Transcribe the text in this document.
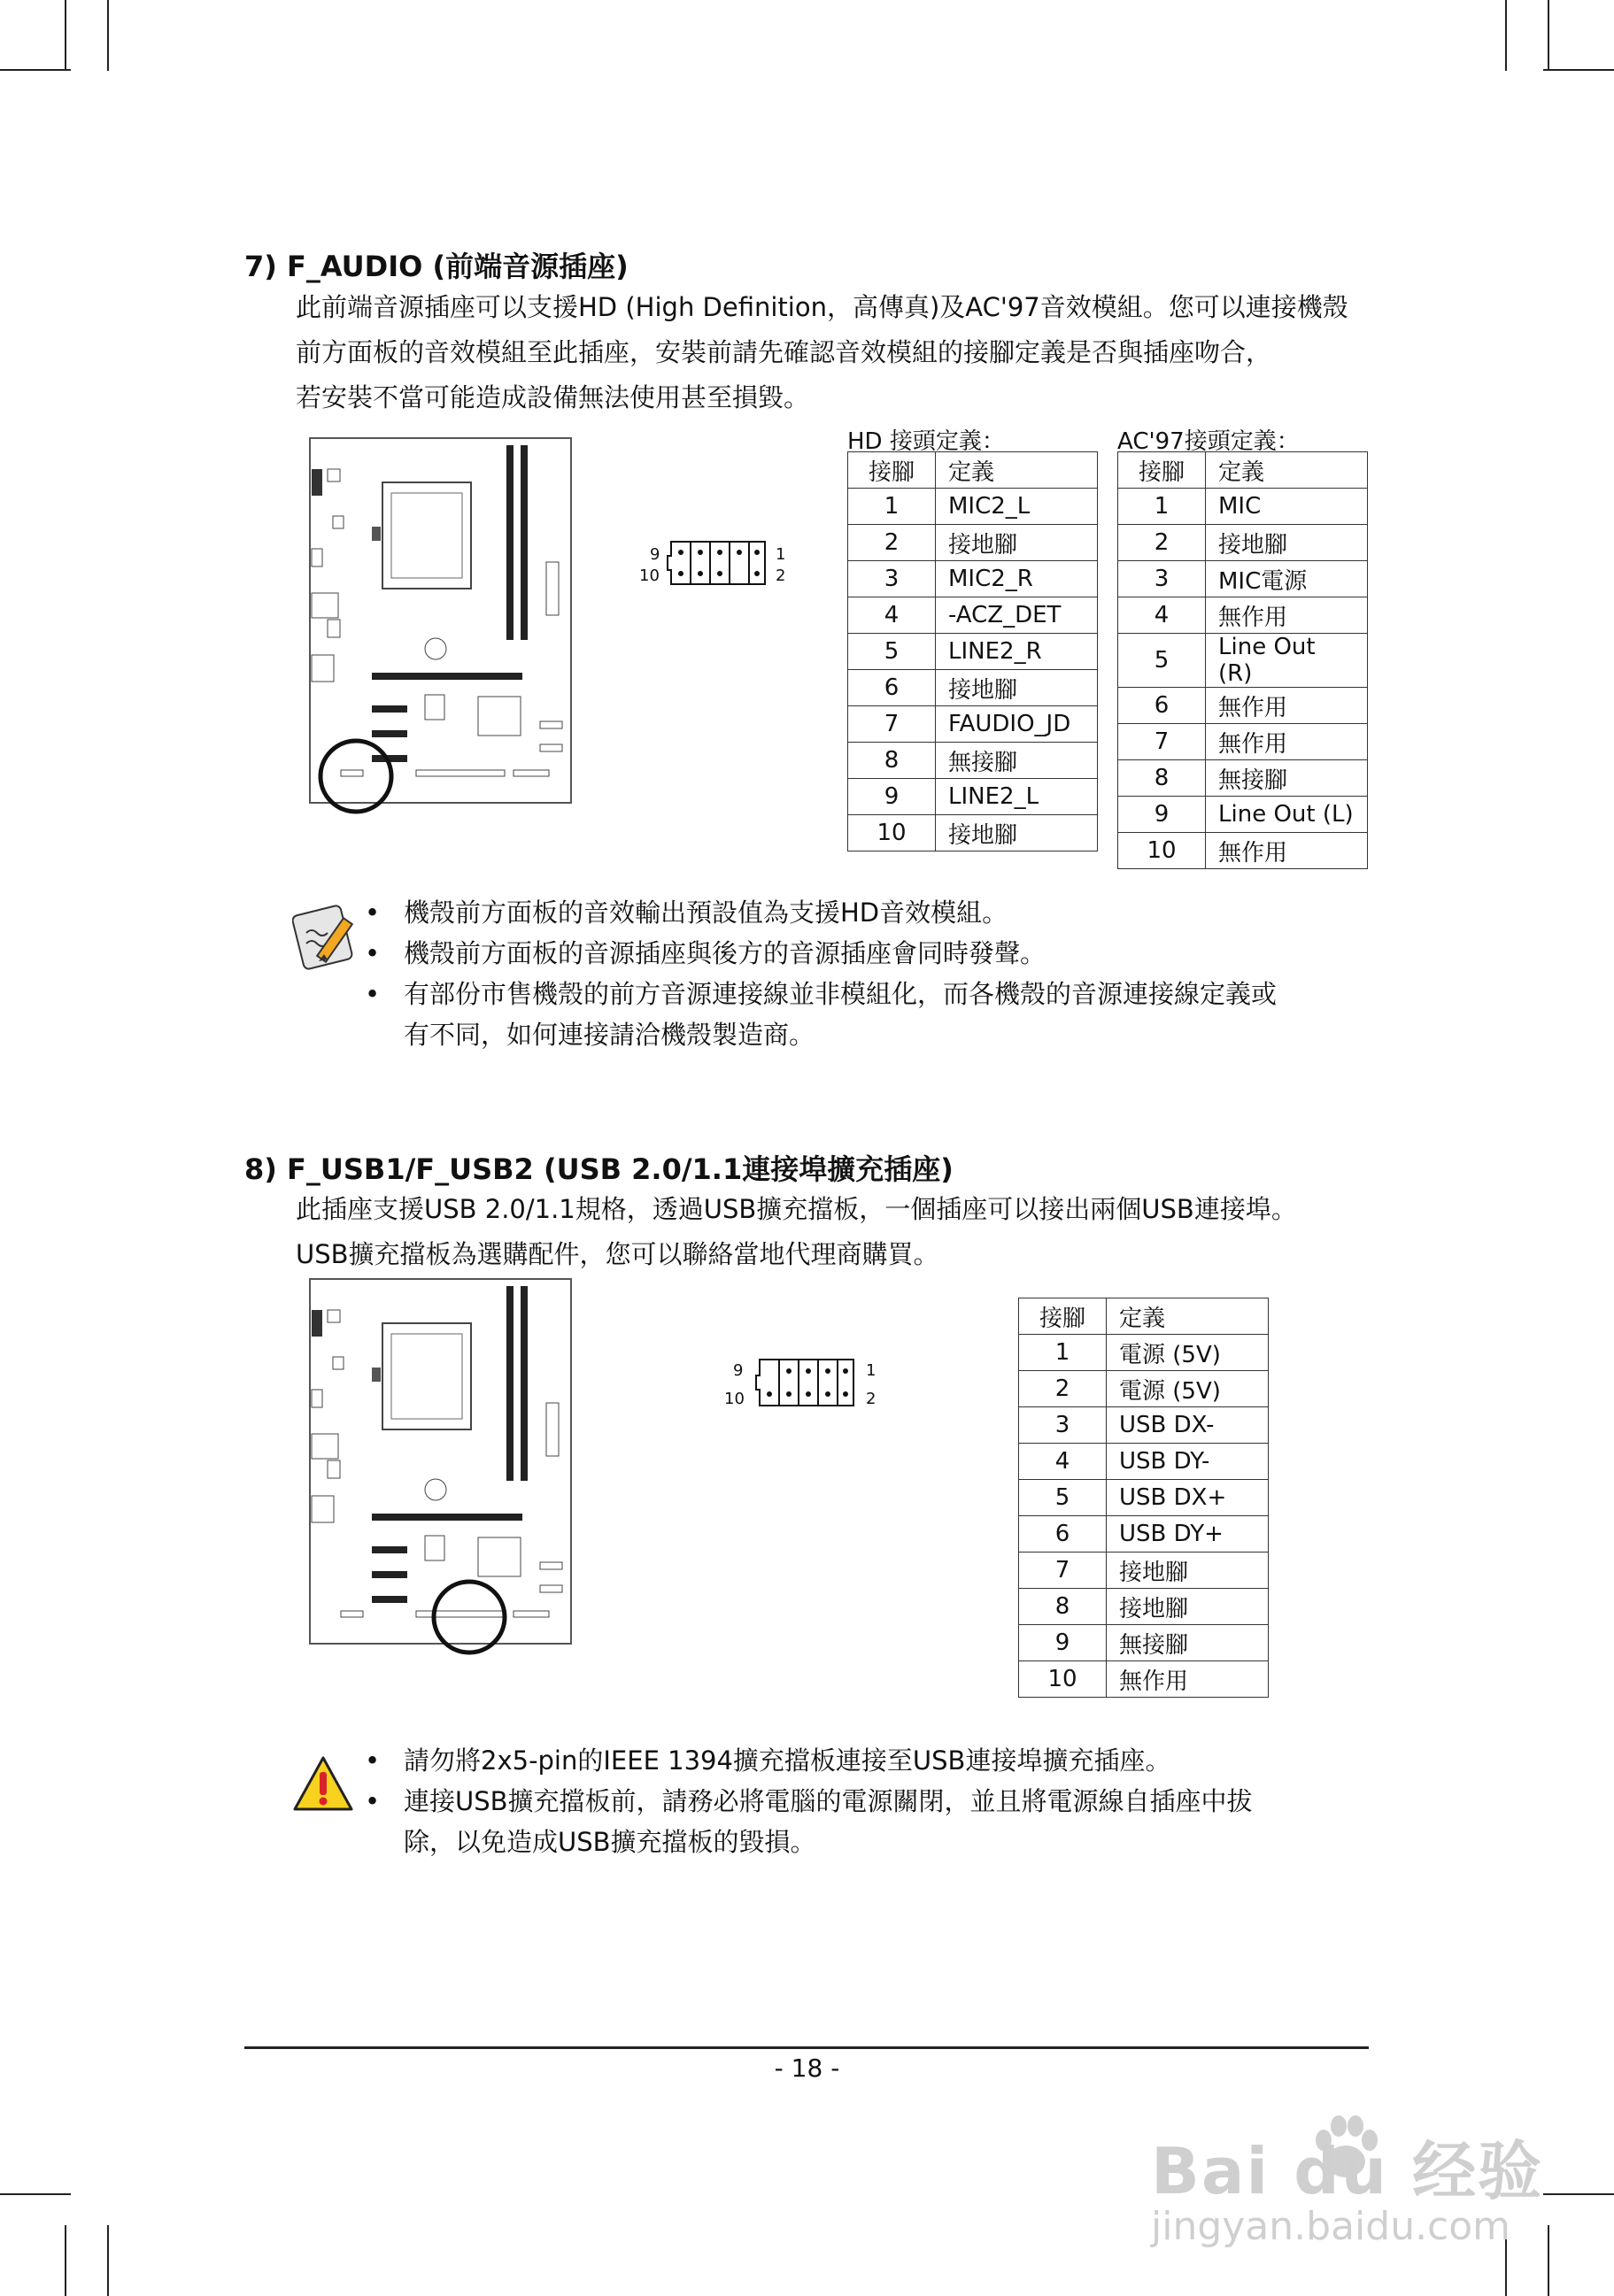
7) F_AUDIO (前端音源插座)
此前端音源插座可以支援HD (High Definition，高傳真)及AC'97音效模組。您可以連接機殼
前方面板的音效模組至此插座，安裝前請先確認音效模組的接腳定義是否與插座吻合，
若安裝不當可能造成設備無法使用甚至損毀。
9
10
1
2
HD 接頭定義：
接腳	定義
1	MIC2_L
2	接地腳
3	MIC2_R
4	-ACZ_DET
5	LINE2_R
6	接地腳
7	FAUDIO_JD
8	無接腳
9	LINE2_L
10	接地腳
AC'97接頭定義：
接腳	定義
1	MIC
2	接地腳
3	MIC電源
4	無作用
5	Line Out (R)
6	無作用
7	無作用
8	無接腳
9	Line Out (L)
10	無作用
• 機殼前方面板的音效輸出預設值為支援HD音效模組。
• 機殼前方面板的音源插座與後方的音源插座會同時發聲。
• 有部份市售機殼的前方音源連接線並非模組化，而各機殼的音源連接線定義或
有不同，如何連接請洽機殼製造商。
8) F_USB1/F_USB2 (USB 2.0/1.1連接埠擴充插座)
此插座支援USB 2.0/1.1規格，透過USB擴充擋板，一個插座可以接出兩個USB連接埠。
USB擴充擋板為選購配件，您可以聯絡當地代理商購買。
9
10
1
2
接腳	定義
1	電源 (5V)
2	電源 (5V)
3	USB DX-
4	USB DY-
5	USB DX+
6	USB DY+
7	接地腳
8	接地腳
9	無接腳
10	無作用
• 請勿將2x5-pin的IEEE 1394擴充擋板連接至USB連接埠擴充插座。
• 連接USB擴充擋板前，請務必將電腦的電源關閉，並且將電源線自插座中拔
除，以免造成USB擴充擋板的毀損。
- 18 -
Bai du 经验
jingyan.baidu.com
